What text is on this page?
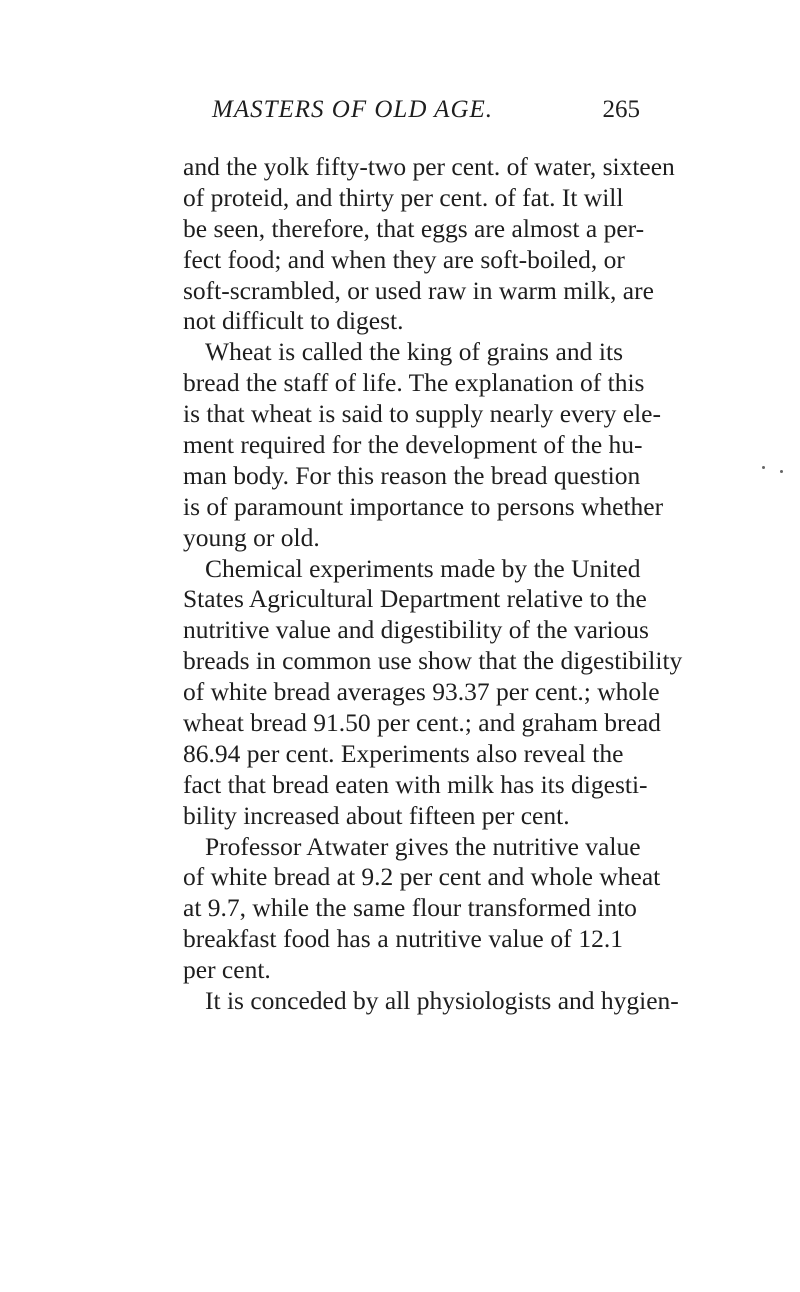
MASTERS OF OLD AGE.	265
and the yolk fifty-two per cent. of water, sixteen
of proteid, and thirty per cent. of fat. It will
be seen, therefore, that eggs are almost a per-
fect food; and when they are soft-boiled, or
soft-scrambled, or used raw in warm milk, are
not difficult to digest.
Wheat is called the king of grains and its
bread the staff of life. The explanation of this
is that wheat is said to supply nearly every ele-
ment required for the development of the hu-
man body. For this reason the bread question
is of paramount importance to persons whether
young or old.
Chemical experiments made by the United
States Agricultural Department relative to the
nutritive value and digestibility of the various
breads in common use show that the digestibility
of white bread averages 93.37 per cent.; whole
wheat bread 91.50 per cent.; and graham bread
86.94 per cent. Experiments also reveal the
fact that bread eaten with milk has its digesti-
bility increased about fifteen per cent.
Professor Atwater gives the nutritive value
of white bread at 9.2 per cent and whole wheat
at 9.7, while the same flour transformed into
breakfast food has a nutritive value of 12.1
per cent.
It is conceded by all physiologists and hygien-
